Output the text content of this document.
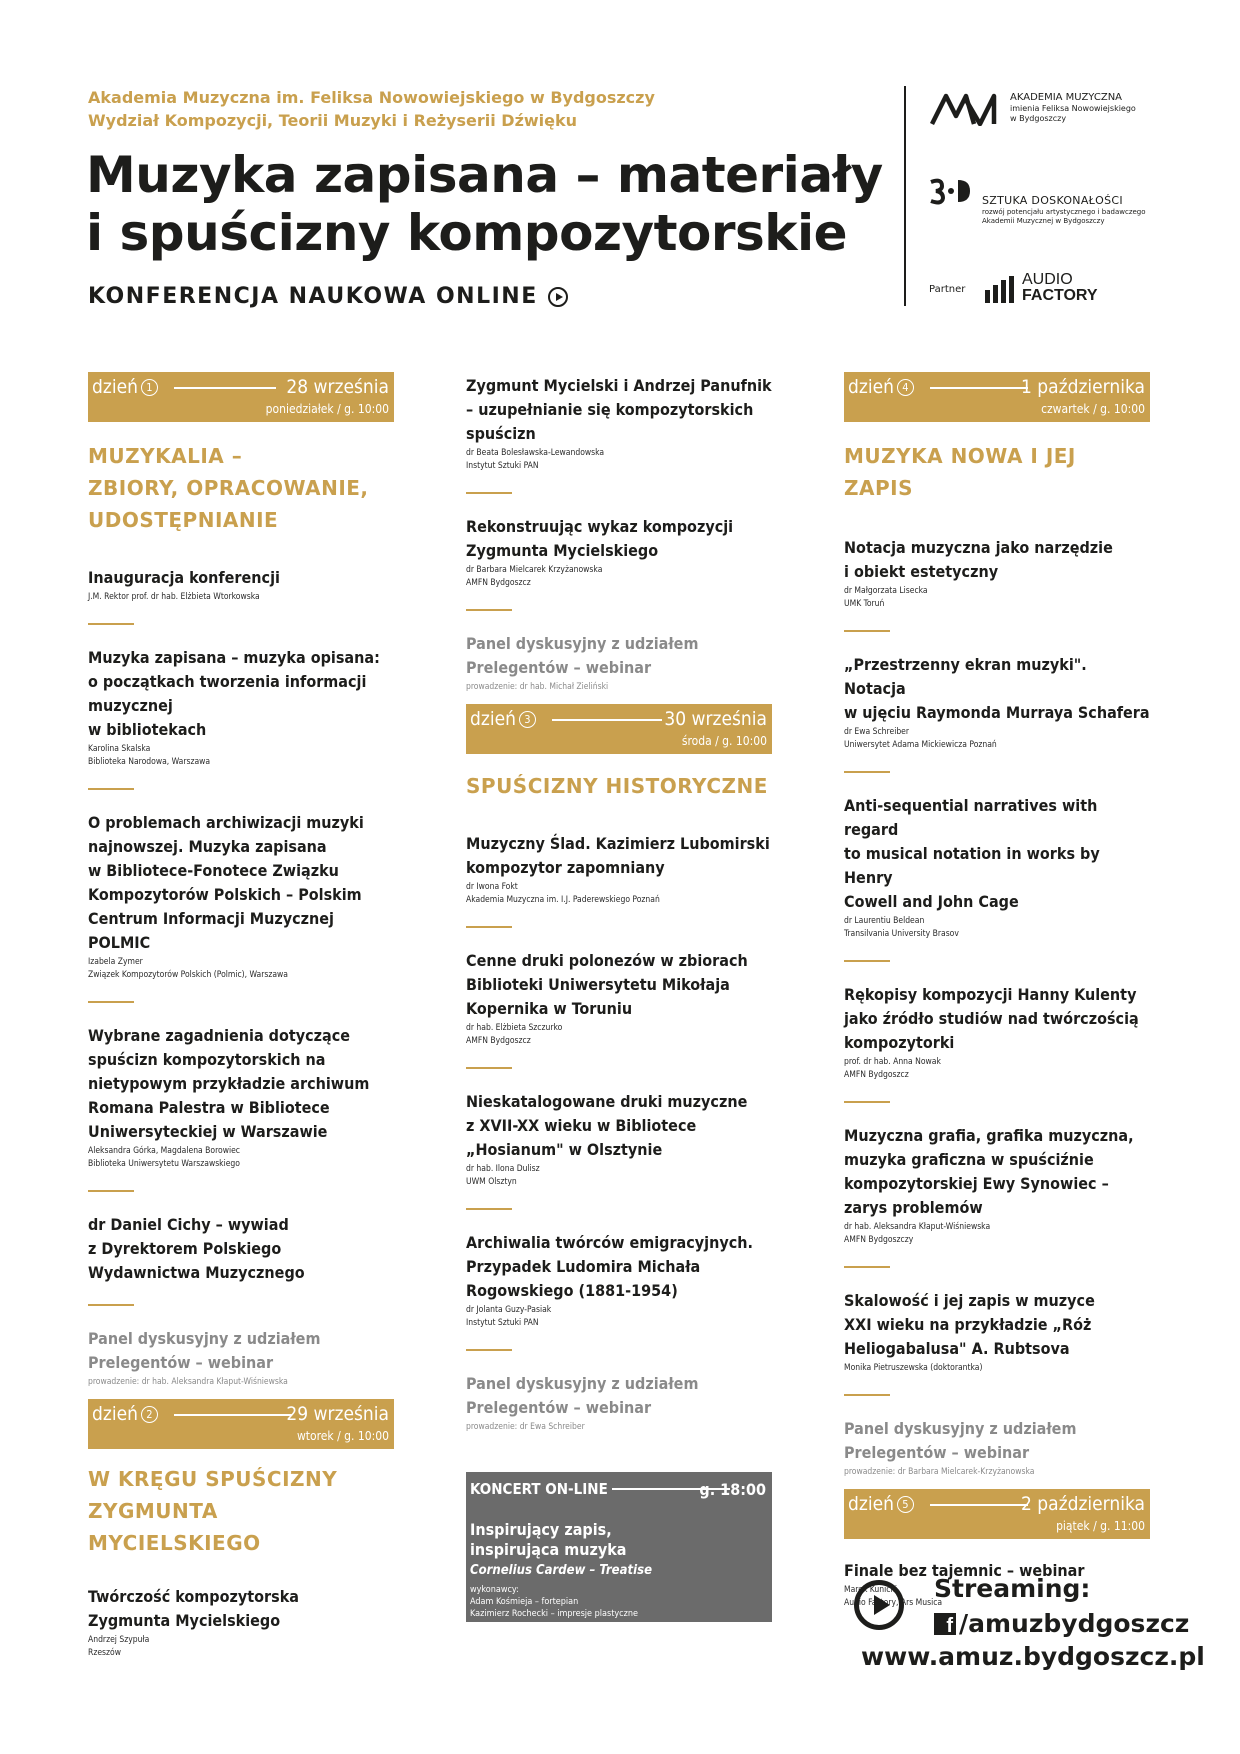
Akademia Muzyczna im. Feliksa Nowowiejskiego w Bydgoszczy
Wydział Kompozycji, Teorii Muzyki i Reżyserii Dźwięku
Muzyka zapisana – materiały
i spuścizny kompozytorskie
KONFERENCJA NAUKOWA ONLINE
AKADEMIA MUZYCZNA
imienia Feliksa Nowowiejskiego
w Bydgoszczy
SZTUKA DOSKONAŁOŚCI
rozwój potencjału artystycznego i badawczego
Akademii Muzycznej w Bydgoszczy
Partner
AUDIO
FACTORY
dzień 1	28 września
poniedziałek / g. 10:00
MUZYKALIA –
ZBIORY, OPRACOWANIE,
UDOSTĘPNIANIE
Inauguracja konferencji
J.M. Rektor prof. dr hab. Elżbieta Wtorkowska
Muzyka zapisana – muzyka opisana:
o początkach tworzenia informacji
muzycznej
w bibliotekach
Karolina Skalska
Biblioteka Narodowa, Warszawa
O problemach archiwizacji muzyki
najnowszej. Muzyka zapisana
w Bibliotece-Fonotece Związku
Kompozytorów Polskich – Polskim
Centrum Informacji Muzycznej
POLMIC
Izabela Zymer
Związek Kompozytorów Polskich (Polmic), Warszawa
Wybrane zagadnienia dotyczące
spuścizn kompozytorskich na
nietypowym przykładzie archiwum
Romana Palestra w Bibliotece
Uniwersyteckiej w Warszawie
Aleksandra Górka, Magdalena Borowiec
Biblioteka Uniwersytetu Warszawskiego
dr Daniel Cichy – wywiad
z Dyrektorem Polskiego
Wydawnictwa Muzycznego
Panel dyskusyjny z udziałem
Prelegentów – webinar
prowadzenie: dr hab. Aleksandra Kłaput-Wiśniewska
dzień 2	29 września
wtorek / g. 10:00
W KRĘGU SPUŚCIZNY
ZYGMUNTA MYCIELSKIEGO
Twórczość kompozytorska
Zygmunta Mycielskiego
Andrzej Szypuła
Rzeszów
Zygmunt Mycielski i Andrzej Panufnik
– uzupełnianie się kompozytorskich
spuścizn
dr Beata Bolesławska-Lewandowska
Instytut Sztuki PAN
Rekonstruując wykaz kompozycji
Zygmunta Mycielskiego
dr Barbara Mielcarek Krzyżanowska
AMFN Bydgoszcz
Panel dyskusyjny z udziałem
Prelegentów – webinar
prowadzenie: dr hab. Michał Zieliński
dzień 3	30 września
środa / g. 10:00
SPUŚCIZNY HISTORYCZNE
Muzyczny Ślad. Kazimierz Lubomirski
kompozytor zapomniany
dr Iwona Fokt
Akademia Muzyczna im. I.J. Paderewskiego Poznań
Cenne druki polonezów w zbiorach
Biblioteki Uniwersytetu Mikołaja
Kopernika w Toruniu
dr hab. Elżbieta Szczurko
AMFN Bydgoszcz
Nieskatalogowane druki muzyczne
z XVII-XX wieku w Bibliotece
„Hosianum" w Olsztynie
dr hab. Ilona Dulisz
UWM Olsztyn
Archiwalia twórców emigracyjnych.
Przypadek Ludomira Michała
Rogowskiego (1881-1954)
dr Jolanta Guzy-Pasiak
Instytut Sztuki PAN
Panel dyskusyjny z udziałem
Prelegentów – webinar
prowadzenie: dr Ewa Schreiber
KONCERT ON-LINE	g. 18:00
Inspirujący zapis,
inspirująca muzyka
Cornelius Cardew – Treatise
wykonawcy:
Adam Kośmieja – fortepian
Kazimierz Rochecki – impresje plastyczne
dzień 4	1 października
czwartek / g. 10:00
MUZYKA NOWA I JEJ ZAPIS
Notacja muzyczna jako narzędzie
i obiekt estetyczny
dr Małgorzata Lisecka
UMK Toruń
„Przestrzenny ekran muzyki". Notacja
w ujęciu Raymonda Murraya Schafera
dr Ewa Schreiber
Uniwersytet Adama Mickiewicza Poznań
Anti-sequential narratives with regard
to musical notation in works by Henry
Cowell and John Cage
dr Laurentiu Beldean
Transilvania University Brasov
Rękopisy kompozycji Hanny Kulenty
jako źródło studiów nad twórczością
kompozytorki
prof. dr hab. Anna Nowak
AMFN Bydgoszcz
Muzyczna grafia, grafika muzyczna,
muzyka graficzna w spuściźnie
kompozytorskiej Ewy Synowiec –
zarys problemów
dr hab. Aleksandra Kłaput-Wiśniewska
AMFN Bydgoszczy
Skalowość i jej zapis w muzyce
XXI wieku na przykładzie „Róż
Heliogabalusa" A. Rubtsova
Monika Pietruszewska (doktorantka)
Panel dyskusyjny z udziałem
Prelegentów – webinar
prowadzenie: dr Barbara Mielcarek-Krzyżanowska
dzień 5	2 października
piątek / g. 11:00
Finale bez tajemnic – webinar
Marek Kunicki
Audio Factory, Ars Musica
Streaming:
f /amuzbydgoszcz
www.amuz.bydgoszcz.pl
